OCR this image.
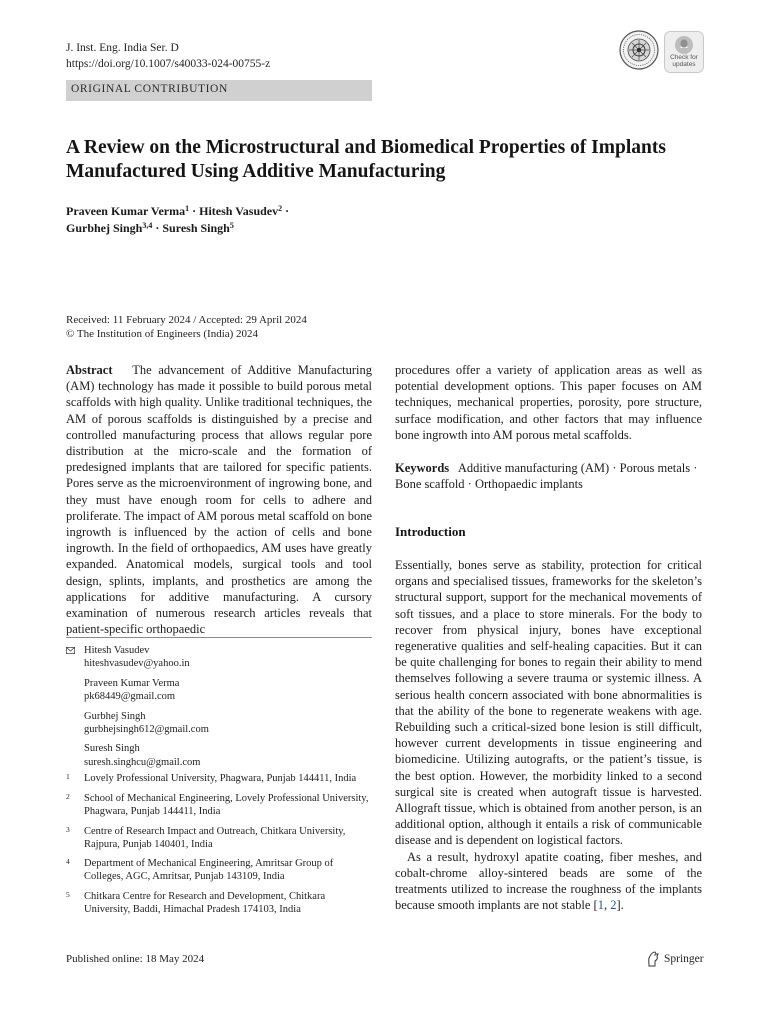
J. Inst. Eng. India Ser. D
https://doi.org/10.1007/s40033-024-00755-z	Check for updates
ORIGINAL CONTRIBUTION
A Review on the Microstructural and Biomedical Properties of Implants Manufactured Using Additive Manufacturing
Praveen Kumar Verma$^1$ · Hitesh Vasudev$^2$ ·
Gurbhej Singh$^{3,4}$ · Suresh Singh$^5$
Received: 11 February 2024 / Accepted: 29 April 2024
© The Institution of Engineers (India) 2024
Abstract The advancement of Additive Manufacturing (AM) technology has made it possible to build porous metal scaffolds with high quality. Unlike traditional techniques, the AM of porous scaffolds is distinguished by a precise and controlled manufacturing process that allows regular pore distribution at the micro-scale and the formation of predesigned implants that are tailored for specific patients. Pores serve as the microenvironment of ingrowing bone, and they must have enough room for cells to adhere and proliferate. The impact of AM porous metal scaffold on bone ingrowth is influenced by the action of cells and bone ingrowth. In the field of orthopaedics, AM uses have greatly expanded. Anatomical models, surgical tools and tool design, splints, implants, and prosthetics are among the applications for additive manufacturing. A cursory examination of numerous research articles reveals that patient-specific orthopaedic
procedures offer a variety of application areas as well as potential development options. This paper focuses on AM techniques, mechanical properties, porosity, pore structure, surface modification, and other factors that may influence bone ingrowth into AM porous metal scaffolds.
Keywords Additive manufacturing (AM) · Porous metals · Bone scaffold · Orthopaedic implants
Introduction

Essentially, bones serve as stability, protection for critical organs and specialised tissues, frameworks for the skeleton’s structural support, support for the mechanical movements of soft tissues, and a place to store minerals. For the body to recover from physical injury, bones have exceptional regenerative qualities and self-healing capacities. But it can be quite challenging for bones to regain their ability to mend themselves following a severe trauma or systemic illness. A serious health concern associated with bone abnormalities is that the ability of the bone to regenerate weakens with age. Rebuilding such a critical-sized bone lesion is still difficult, however current developments in tissue engineering and biomedicine. Utilizing autografts, or the patient’s tissue, is the best option. However, the morbidity linked to a second surgical site is created when autograft tissue is harvested. Allograft tissue, which is obtained from another person, is an additional option, although it entails a risk of communicable disease and is dependent on logistical factors.

As a result, hydroxyl apatite coating, fiber meshes, and cobalt-chrome alloy-sintered beads are some of the treatments utilized to increase the roughness of the implants because smooth implants are not stable [1, 2].

Hitesh Vasudev
hiteshvasudev@yahoo.in
Praveen Kumar Verma
pk68449@gmail.com
Gurbhej Singh
gurbhejsingh612@gmail.com
Suresh Singh
suresh.singhcu@gmail.com
1 Lovely Professional University, Phagwara, Punjab 144411, India
2 School of Mechanical Engineering, Lovely Professional University, Phagwara, Punjab 144411, India
3 Centre of Research Impact and Outreach, Chitkara University, Rajpura, Punjab 140401, India
4 Department of Mechanical Engineering, Amritsar Group of Colleges, AGC, Amritsar, Punjab 143109, India
5 Chitkara Centre for Research and Development, Chitkara University, Baddi, Himachal Pradesh 174103, India
Published online: 18 May 2024	Springer
